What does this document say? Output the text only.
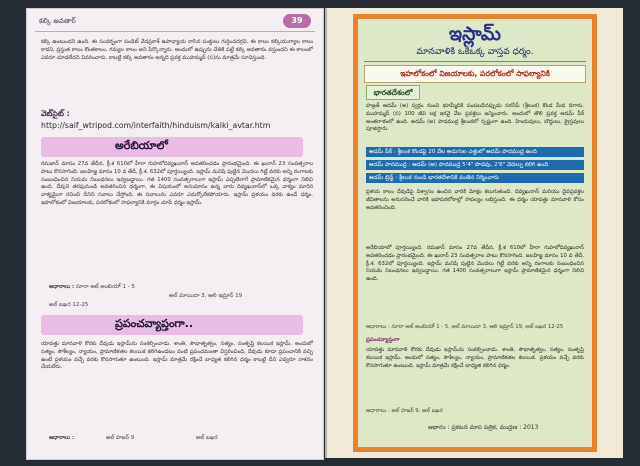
కల్కి అవతార్	39

కల్కి ఉంటుందని ఉంది. ఈ సందర్భంగా పండిట్ వేదప్రకాశ్ ఉపాధ్యాయ రాసిన పంక్తులు గుర్తించదగ్గవి. ఈ కాలం కల్కియుగ్యాల కాలం కాదని, ప్రస్తుత కాలం కొంతకాలం, గమ్యల కాలం అని పేర్కొన్నారు. అందులో ఉప్పును చేతికి పట్టే కల్కి అవతారం వస్తుందని ఈ కాలంలో ఎవరూ చూడలేదని వివరించారు. కాబట్టి కల్కి అవతారం అన్నది ప్రవక్త ముహమ్మద్ (స)ను మాత్రమే సూచిస్తుంది.

వెబ్‌సైట్ :
http://saif_wtripod.com/interfaith/hinduism/kalki_avtar.htm
అరేబియాలో

రమజాన్ మాసం 27వ తేదీన, క్రీ.శ 610లో హీరా గుహలోదివ్యఖురాన్ అవతరించడం ప్రారంభమైంది. ఈ ఖురాన్ 23 సంవత్సరాల పాటు కొనసాగింది. జలహిజ్జ మాసం 10 వ తేదీ, క్రీ.శ. 632లో పూర్తయ్యింది. ఇస్లామ్ మనిషి పుట్టిన మొదలు గిట్టే వరకు అన్ని రంగాలకు సంబంధించిన నియమ నిబంధనలు ఇవ్వబడ్డాయి. గత 1400 సంవత్సరాలుగా ఇస్లామ్ ఎప్పటిలాగే ప్రామాణికమైన ధర్మంగా నిలిచి ఉంది. దేవుని తరఫునుండి అవతరించిన ధర్మంగా, ఈ విషయంలో అనుమానం ఉన్న వారు దివ్యఖురాన్‌లో ఒక్క వాక్యం మాదిరి వాక్యమైనా రచించి దీనిని సవాలు చేస్తోంది. ఈ సవాలును ఎవరూ ఎదుర్కోలేకపోయారు. ఇస్లామ్ ప్రళయం వరకు ఉండే ధర్మం. ఇహలోకంలో విజయాలకు, పరలోకంలో సాఫల్యానికి మార్గం చూపే ధర్మం ఇస్లామ్.

ఆధారాలు : సూరా అల్ అంబియా్ 1 - 5
అల్ మాయిదా 3, ఆలి ఇమ్రాన్ 19
అల్ బఖర 12-25
ప్రపంచవ్యాప్తంగా..

యావత్తు మానవాళి కొరకు దేవుడు ఇస్లామ్‌ను సంకల్పించాడు. శాంతి, సౌభాతృత్వం, సత్యం, సంతృప్తి కలయిక ఇస్లామ్. అందులో సత్యం, సౌశీల్యం, న్యాయం, ప్రామాణికతల కలయిక కలిగిఉండటం వంటి ప్రపంచమంతా విస్తరించింది. దేవుడు కూడా ప్రపంచానికి వచ్చి ఉంటే ప్రళయం వచ్చే వరకు కొనసాగుతూ ఉంటుంది. ఇస్లామ్ మాత్రమే రక్షించే బాధ్యత కలిగిన ధర్మం కాబట్టి దీని ఎవ్వరూ నాశనం చేయలేరు.

ఆధారాలు :	అల్ హజర్ 9	అల్ బఖర
ఇస్లామ్
మానవాళికి ఒకేఒక్క వాస్తవ ధర్మం.
ఇహలోకంలో విజయాలకు, పరలోకంలో సాఫల్యానికి
భారతదేశంలో

హజ్రత్ ఆదమ్ (అ) స్వర్గం నుంచి భూమ్మీదికి పంపబడినప్పుడు సరనీప్ (శ్రీలంక) కొండ మీద దిగారు. ముహమ్మద్ (స) 100 జీవి లక్ష ఇరవై వేల ప్రవక్తలు జన్మించారు. అందులో తొలి ప్రవక్త ఆదమ్ పీక్ అంతరాళంలో ఉంది. అదమ్ (అ) పాదముద్ర శ్రీలంకలో స్పష్టంగా ఉంది. హిందువులు, బౌద్ధులు, క్రైస్తవులు పూజిస్తారు.

ఆదమ్ పీక్ : శ్రీలంక కొండపై 20 వేల అడుగుల ఎత్తులో ఆదమ్ పాదముద్ర ఉంది
ఆదమ్ పాదముద్ర : ఆదమ్ (అ) పాదముద్ర 5'4" పొడవు, 2'6" వెడల్పు కలిగి ఉంది
ఆదమ్ బ్రిడ్జ్ : శ్రీలంక నుండి భారతదేశానికి వంతెన నిర్మించారు

ప్రళయ కాలం దేవుడిపై విశ్వాసం ఉంచిన వారికి మోక్షం కలుగుతుంది. దివ్యఖురాన్ మరియు దైవప్రవక్తల జీవితాలను అనుసరించే వారికి ఇహపరలోకాల్లో సాఫల్యం లభిస్తుంది. ఈ ధర్మం యావత్తు మానవాళి కోసం అవతరించింది.

అరేబియాలో పూర్తయ్యింది. రమజాన్ మాసం 27వ తేదీన, క్రీ.శ 610లో హీరా గుహలోదివ్యఖురాన్ అవతరించడం ప్రారంభమైంది. ఈ ఖురాన్ 23 సంవత్సరాల పాటు కొనసాగింది. జలహిజ్జ మాసం 10 వ తేదీ, క్రీ.శ. 632లో పూర్తయ్యింది. ఇస్లామ్ మనిషి పుట్టిన మొదలు గిట్టే వరకు అన్ని రంగాలకు సంబంధించిన నియమ నిబంధనలు ఇవ్వబడ్డాయి. గత 1400 సంవత్సరాలుగా ఇస్లామ్ ప్రామాణికమైన ధర్మంగా నిలిచి ఉంది.

ఆధారాలు : సూరా అల్ అంబియా్ 1 - 5, అల్ మాయిదా 3, ఆలి ఇమ్రాన్ 19, అల్ బఖర 12-25

ప్రపంచవ్యాప్తంగా

యావత్తు మానవాళి కొరకు దేవుడు ఇస్లామ్‌ను సంకల్పించాడు. శాంతి, సౌభాతృత్వం, సత్యం, సంతృప్తి కలయిక ఇస్లామ్. అందులో సత్యం, సౌశీల్యం, న్యాయం, ప్రామాణికతల కలయిక. ప్రళయం వచ్చే వరకు కొనసాగుతూ ఉంటుంది. ఇస్లామ్ మాత్రమే రక్షించే బాధ్యత కలిగిన ధర్మం.

ఆధారాలు : అల్ హజర్ 9, అల్ బఖర
ఆధారం : ప్రకటన మాస పత్రిక, ముద్రణ : 2013
